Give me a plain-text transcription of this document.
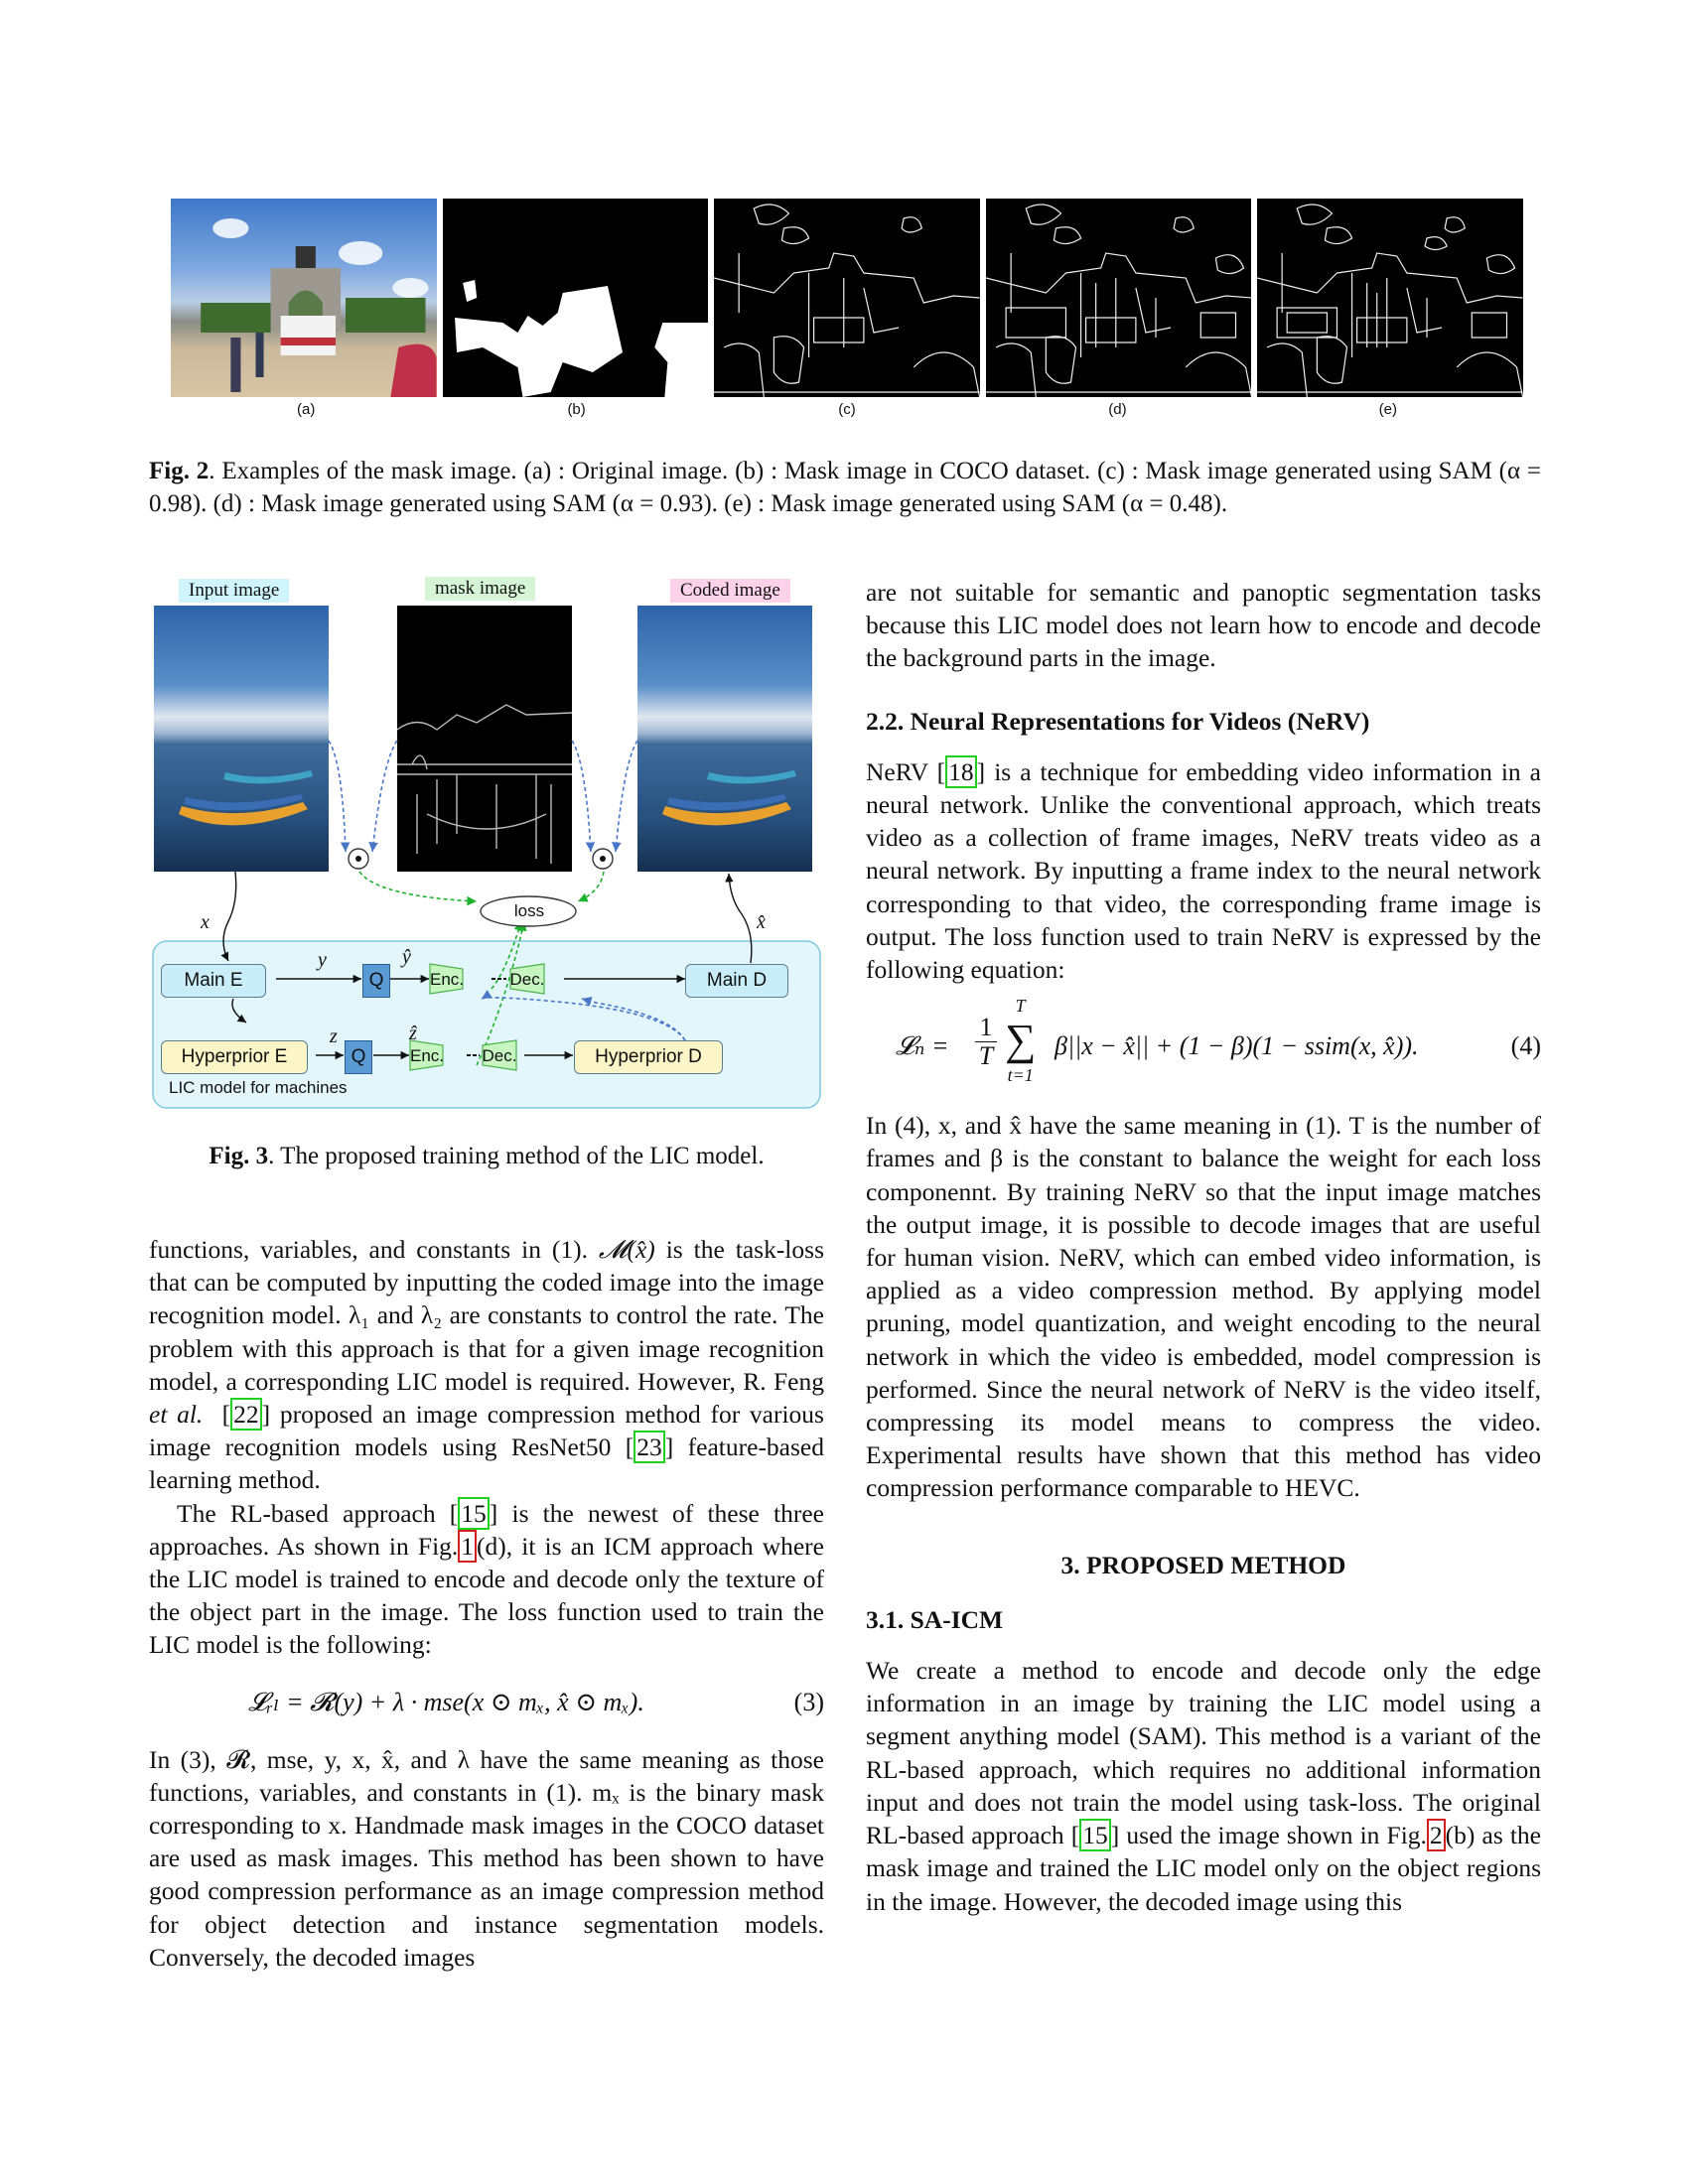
(a)	(b)	(c)	(d)	(e)
Fig. 2. Examples of the mask image. (a) : Original image. (b) : Mask image in COCO dataset. (c) : Mask image generated using SAM (α = 0.98). (d) : Mask image generated using SAM (α = 0.93). (e) : Mask image generated using SAM (α = 0.48).
Input image	mask image	Coded image
loss
x	x̂
y	ŷ
z	ẑ
Main E	Q	Enc.	Dec.	Main D
Hyperprior E	Q	Enc. Dec.	Hyperprior D
LIC model for machines
Fig. 3. The proposed training method of the LIC model.

functions, variables, and constants in (1). 𝓜(x̂) is the task-loss that can be computed by inputting the coded image into the image recognition model. λ₁ and λ₂ are constants to control the rate. The problem with this approach is that for a given image recognition model, a corresponding LIC model is required. However, R. Feng et al.  [ 22 ] proposed an image compression method for various image recognition models using ResNet50 [ 23 ] feature-based learning method.

The RL-based approach [ 15 ] is the newest of these three approaches. As shown in Fig. 1 (d), it is an ICM approach where the LIC model is trained to encode and decode only the texture of the object part in the image. The loss function used to train the LIC model is the following:

𝓛ᵣₗ = 𝓡(y) + λ · mse(x ⊙ mₓ, x̂ ⊙ mₓ).	(3)

In (3), 𝓡, mse, y, x, x̂, and λ have the same meaning as those functions, variables, and constants in (1). mₓ is the binary mask corresponding to x. Handmade mask images in the COCO dataset are used as mask images. This method has been shown to have good compression performance as an image compression method for object detection and instance segmentation models. Conversely, the decoded images

are not suitable for semantic and panoptic segmentation tasks because this LIC model does not learn how to encode and decode the background parts in the image.

2.2. Neural Representations for Videos (NeRV)

NeRV [ 18 ] is a technique for embedding video information in a neural network. Unlike the conventional approach, which treats video as a collection of frame images, NeRV treats video as a neural network. By inputting a frame index to the neural network corresponding to that video, the corresponding frame image is output. The loss function used to train NeRV is expressed by the following equation:

𝓛ₙ =
1
T
T
∑
t=1
β||x − x̂|| + (1 − β)(1 − ssim(x, x̂)).	(4)

In (4), x, and x̂ have the same meaning in (1). T is the number of frames and β is the constant to balance the weight for each loss componennt. By training NeRV so that the input image matches the output image, it is possible to decode images that are useful for human vision. NeRV, which can embed video information, is applied as a video compression method. By applying model pruning, model quantization, and weight encoding to the neural network in which the video is embedded, model compression is performed. Since the neural network of NeRV is the video itself, compressing its model means to compress the video. Experimental results have shown that this method has video compression performance comparable to HEVC.

3. PROPOSED METHOD
3.1. SA-ICM

We create a method to encode and decode only the edge information in an image by training the LIC model using a segment anything model (SAM). This method is a variant of the RL-based approach, which requires no additional information input and does not train the model using task-loss. The original RL-based approach [ 15 ] used the image shown in Fig. 2 (b) as the mask image and trained the LIC model only on the object regions in the image. However, the decoded image using this
